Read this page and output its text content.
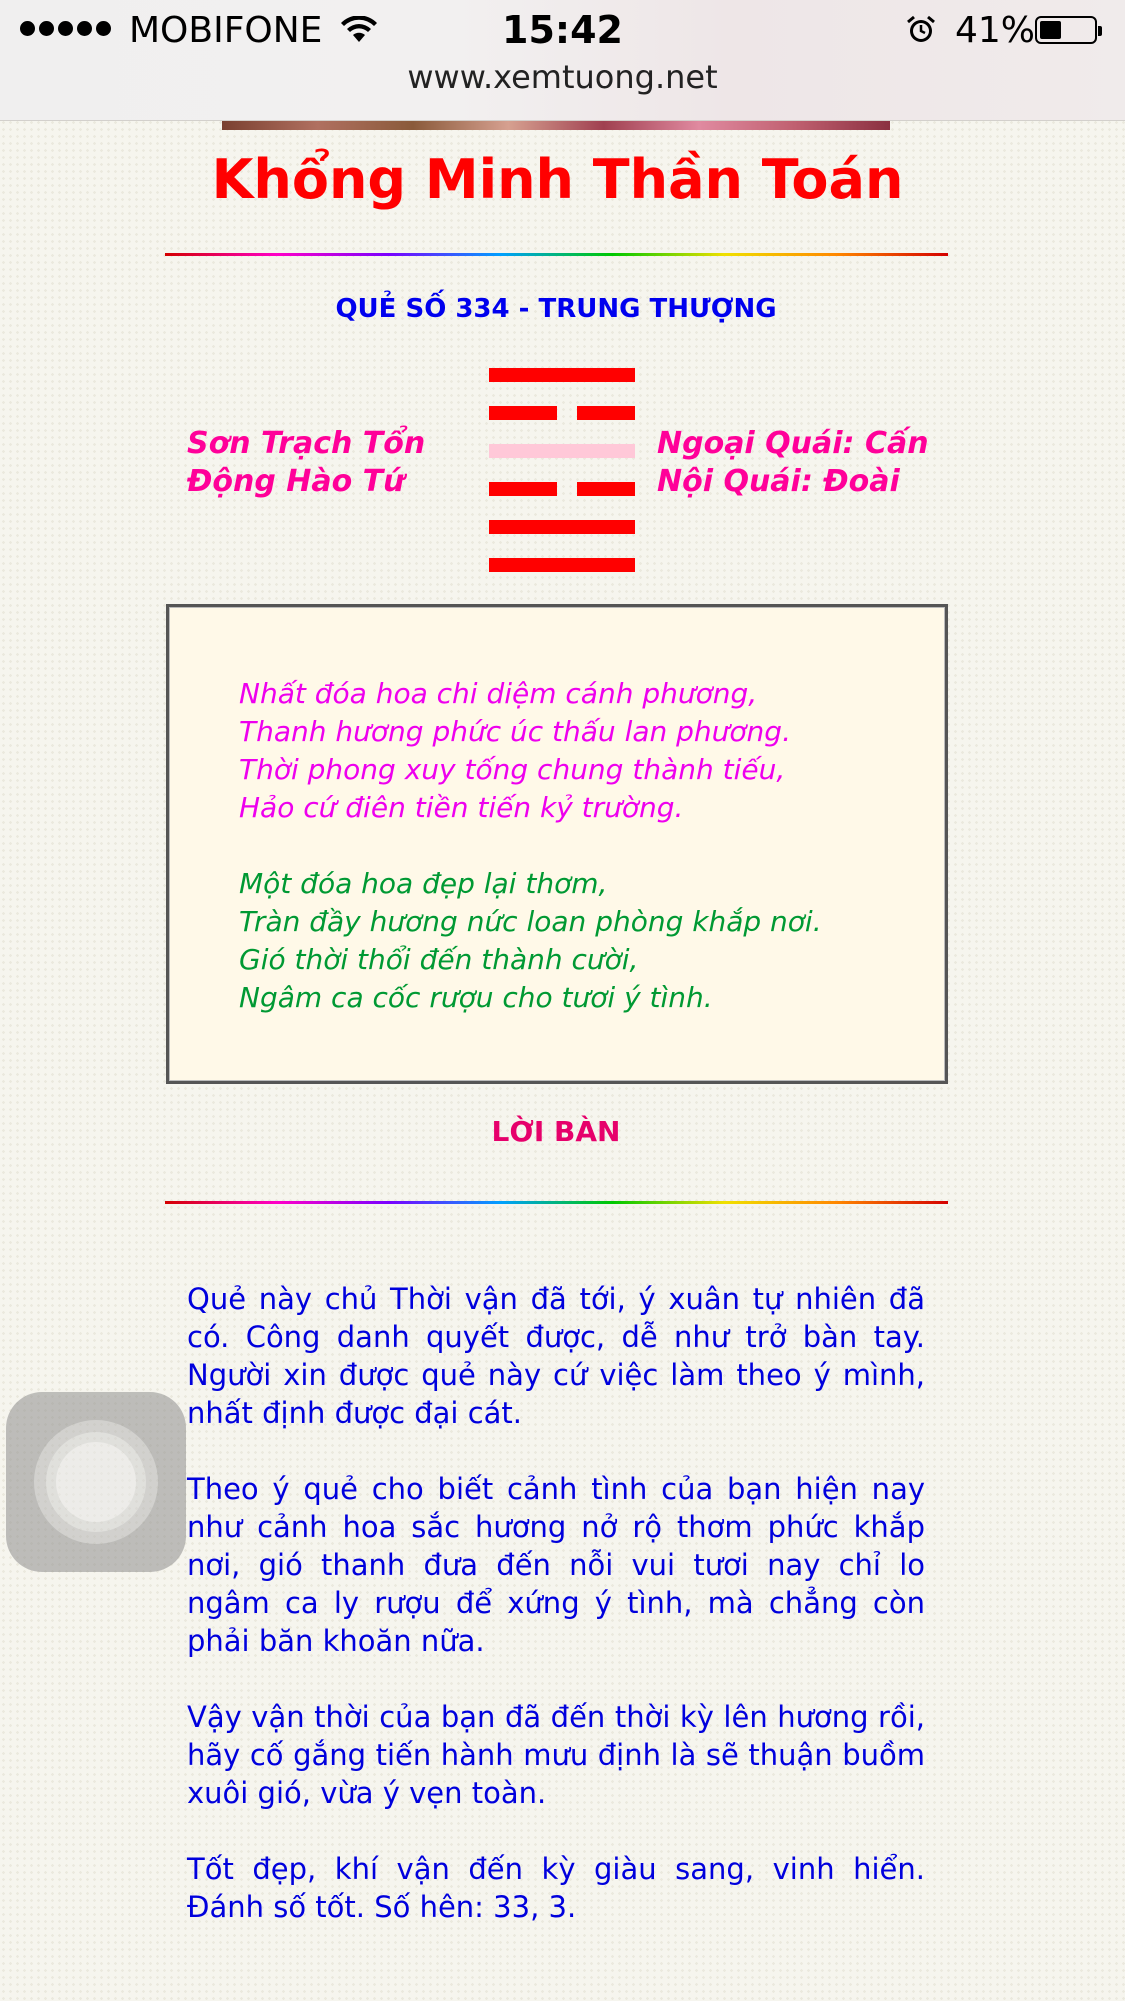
MOBIFONE	15:42	41%
www.xemtuong.net
Khổng Minh Thần Toán
QUẺ SỐ 334 - TRUNG THƯỢNG
Sơn Trạch Tổn
Động Hào Tứ
Ngoại Quái: Cấn
Nội Quái: Đoài
Nhất đóa hoa chi diệm cánh phương,
Thanh hương phức úc thấu lan phương.
Thời phong xuy tống chung thành tiếu,
Hảo cứ điên tiền tiến kỷ trường.
Một đóa hoa đẹp lại thơm,
Tràn đầy hương nức loan phòng khắp nơi.
Gió thời thổi đến thành cười,
Ngâm ca cốc rượu cho tươi ý tình.
LỜI BÀN

Quẻ này chủ Thời vận đã tới, ý xuân tự nhiên đã có. Công danh quyết được, dễ như trở bàn tay. Người xin được quẻ này cứ việc làm theo ý mình, nhất định được đại cát.

Theo ý quẻ cho biết cảnh tình của bạn hiện nay như cảnh hoa sắc hương nở rộ thơm phức khắp nơi, gió thanh đưa đến nỗi vui tươi nay chỉ lo ngâm ca ly rượu để xứng ý tình, mà chẳng còn phải băn khoăn nữa.

Vậy vận thời của bạn đã đến thời kỳ lên hương rồi, hãy cố gắng tiến hành mưu định là sẽ thuận buồm xuôi gió, vừa ý vẹn toàn.

Tốt đẹp, khí vận đến kỳ giàu sang, vinh hiển. Đánh số tốt. Số hên: 33, 3.
